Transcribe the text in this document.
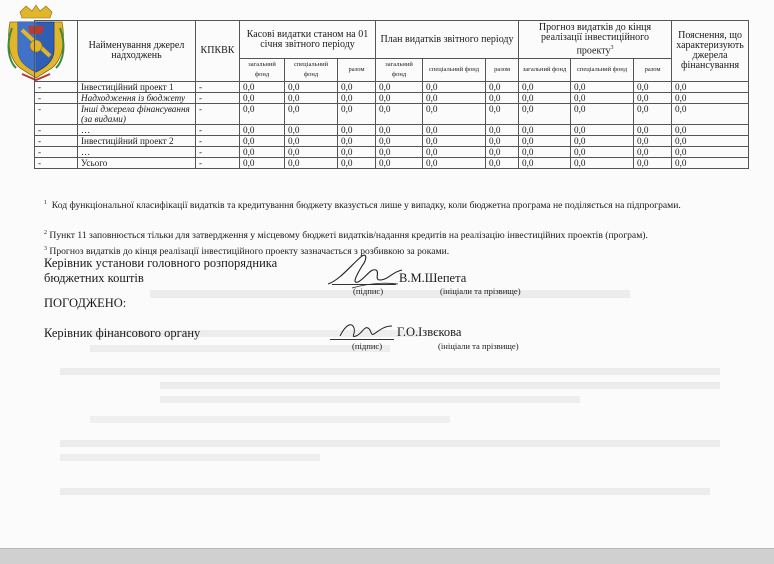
	Найменування джерел надходжень	КПКВК	Касові видатки станом на 01 січня звітного періоду			План видатків звітного періоду			Прогноз видатків до кінця реалізації інвестиційного проекту$^3$			Пояснення, що характеризують джерела фінансування	
			загальний фонд	спеціальний фонд	разом	загальний фонд	спеціальний фонд	разом	загальний фонд	спеціальний фонд	разом		
-	Інвестиційний проект 1	-	0,0	0,0	0,0	0,0	0,0	0,0	0,0	0,0	0,0	0,0	
-	Надходження із бюджету	-	0,0	0,0	0,0	0,0	0,0	0,0	0,0	0,0	0,0	0,0	
-	Інші джерела фінансування (за видами)	-	0,0	0,0	0,0	0,0	0,0	0,0	0,0	0,0	0,0	0,0	
-	…	-	0,0	0,0	0,0	0,0	0,0	0,0	0,0	0,0	0,0	0,0	
-	Інвестиційний проект 2	-	0,0	0,0	0,0	0,0	0,0	0,0	0,0	0,0	0,0	0,0	
-	…	-	0,0	0,0	0,0	0,0	0,0	0,0	0,0	0,0	0,0	0,0	
-	Усього	-	0,0	0,0	0,0	0,0	0,0	0,0	0,0	0,0	0,0	0,0	
$^1$ Код функціональної класифікації видатків та кредитування бюджету вказується лише у випадку, коли бюджетна програма не поділяється на підпрограми.
$^2$ Пункт 11 заповнюється тільки для затвердження у місцевому бюджеті видатків/надання кредитів на реалізацію інвестиційних проектів (програм).
$^3$ Прогноз видатків до кінця реалізації інвестиційного проекту зазначається з розбивкою за роками.
Керівник установи головного розпорядника
бюджетних коштів	В.М.Шепета
(підпис)	(ініціали та прізвище)
ПОГОДЖЕНО:
Керівник фінансового органу	Г.О.Ізвєкова
(підпис)	(ініціали та прізвище)
